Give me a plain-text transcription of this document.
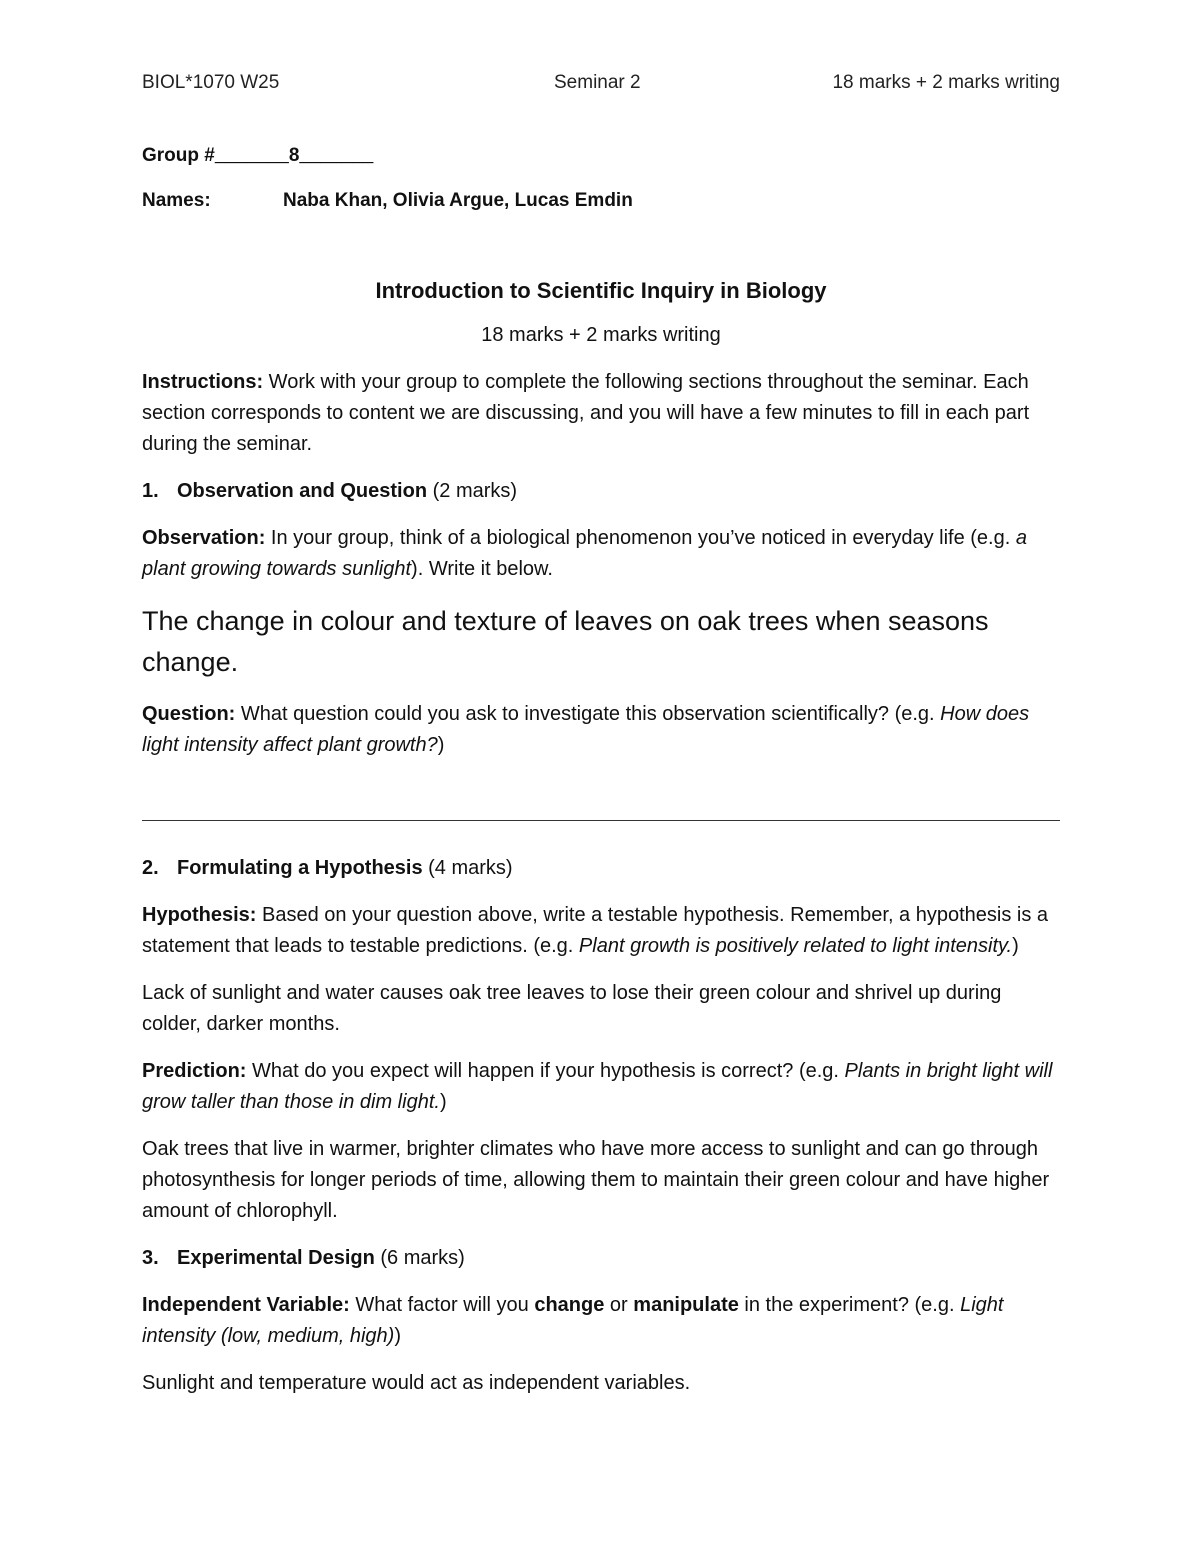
BIOL*1070 W25	Seminar 2	18 marks + 2 marks writing

Group #_______8_______

Names:	Naba Khan, Olivia Argue, Lucas Emdin

Introduction to Scientific Inquiry in Biology

18 marks + 2 marks writing

Instructions: Work with your group to complete the following sections throughout the seminar. Each section corresponds to content we are discussing, and you will have a few minutes to fill in each part during the seminar.

1. Observation and Question (2 marks)

Observation: In your group, think of a biological phenomenon you’ve noticed in everyday life (e.g. a plant growing towards sunlight). Write it below.

The change in colour and texture of leaves on oak trees when seasons change.

Question: What question could you ask to investigate this observation scientifically? (e.g. How does light intensity affect plant growth?)

2. Formulating a Hypothesis (4 marks)

Hypothesis: Based on your question above, write a testable hypothesis. Remember, a hypothesis is a statement that leads to testable predictions. (e.g. Plant growth is positively related to light intensity.)

Lack of sunlight and water causes oak tree leaves to lose their green colour and shrivel up during colder, darker months.

Prediction: What do you expect will happen if your hypothesis is correct? (e.g. Plants in bright light will grow taller than those in dim light.)

Oak trees that live in warmer, brighter climates who have more access to sunlight and can go through photosynthesis for longer periods of time, allowing them to maintain their green colour and have higher amount of chlorophyll.

3. Experimental Design (6 marks)

Independent Variable: What factor will you change or manipulate in the experiment? (e.g. Light intensity (low, medium, high))

Sunlight and temperature would act as independent variables.
